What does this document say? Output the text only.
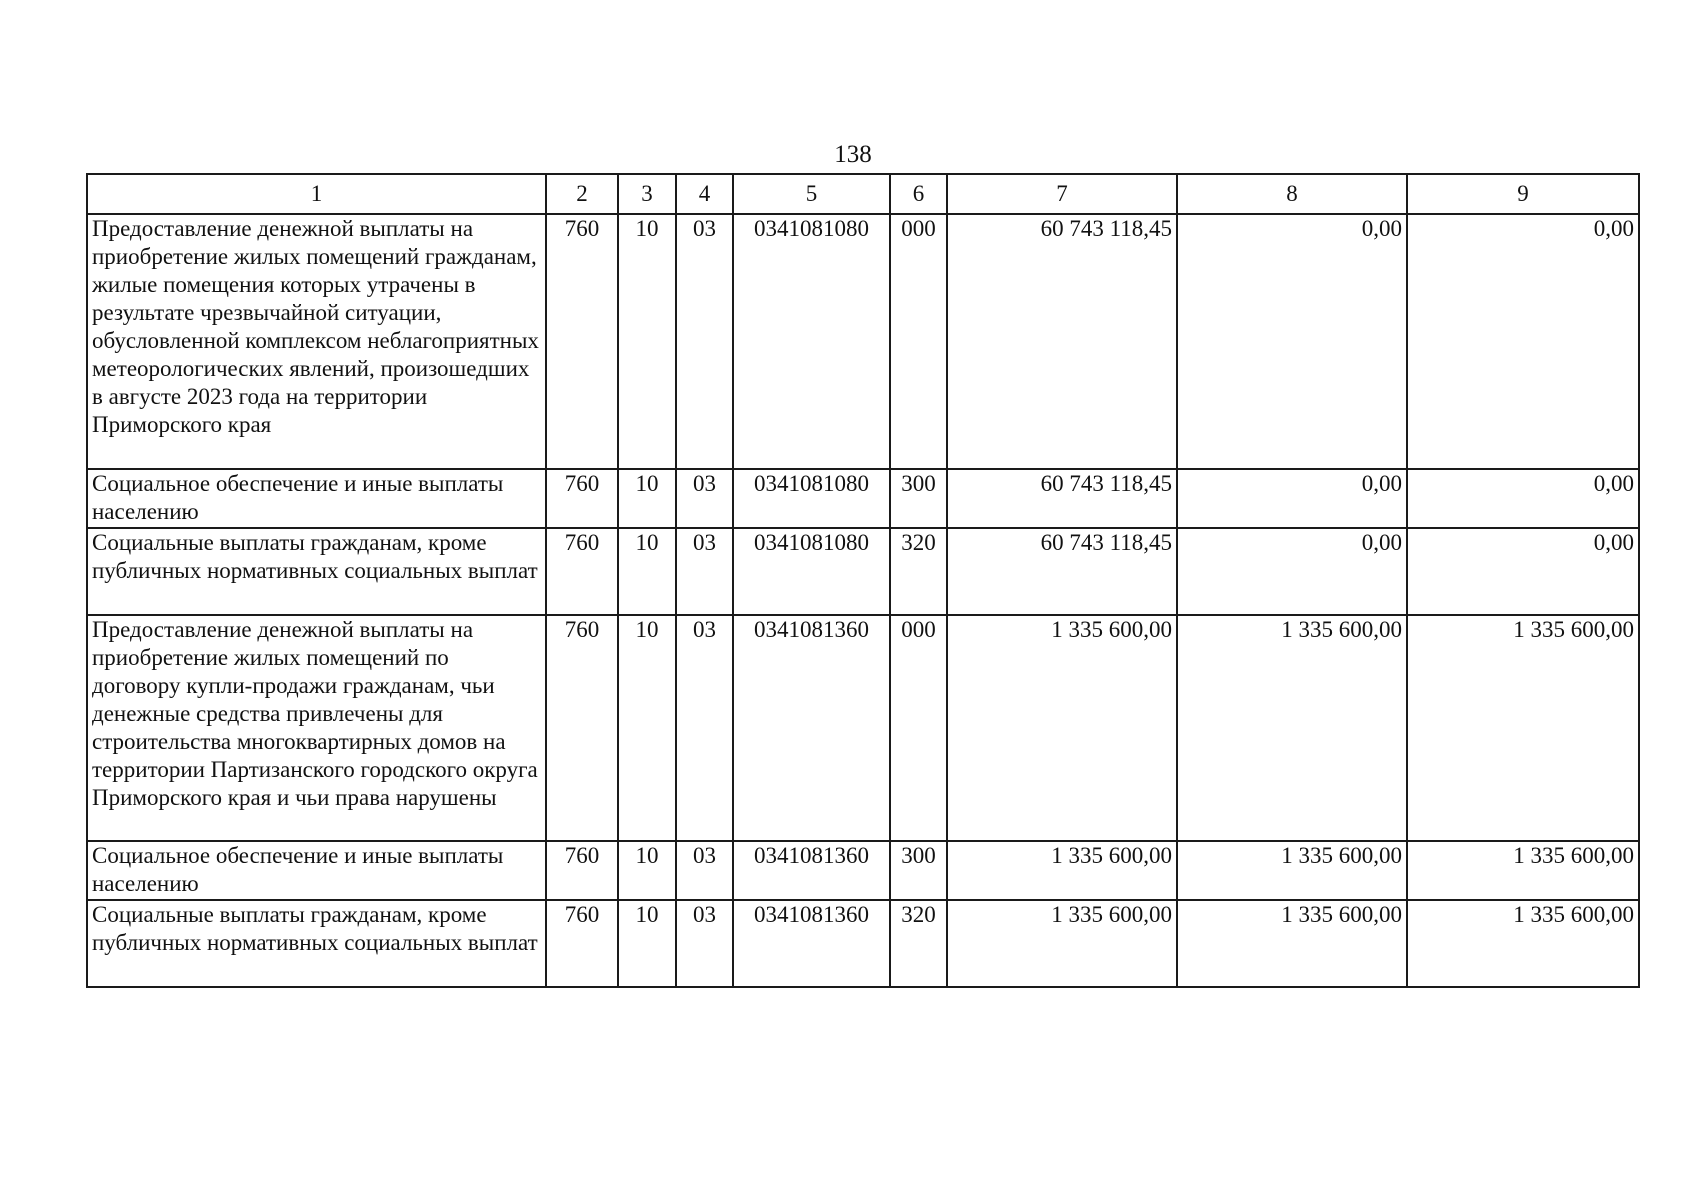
138
1	2	3	4	5	6	7	8	9
Предоставление денежной выплаты на приобретение жилых помещений гражданам, жилые помещения которых утрачены в результате чрезвычайной ситуации, обусловленной комплексом неблагоприятных метеорологических явлений, произошедших в августе 2023 года на территории Приморского края	760	10	03	0341081080	000	60 743 118,45	0,00	0,00
Социальное обеспечение и иные выплаты населению	760	10	03	0341081080	300	60 743 118,45	0,00	0,00
Социальные выплаты гражданам, кроме публичных нормативных социальных выплат	760	10	03	0341081080	320	60 743 118,45	0,00	0,00
Предоставление денежной выплаты на приобретение жилых помещений по договору купли-продажи гражданам, чьи денежные средства привлечены для строительства многоквартирных домов на территории Партизанского городского округа Приморского края и чьи права нарушены	760	10	03	0341081360	000	1 335 600,00	1 335 600,00	1 335 600,00
Социальное обеспечение и иные выплаты населению	760	10	03	0341081360	300	1 335 600,00	1 335 600,00	1 335 600,00
Социальные выплаты гражданам, кроме публичных нормативных социальных выплат	760	10	03	0341081360	320	1 335 600,00	1 335 600,00	1 335 600,00
